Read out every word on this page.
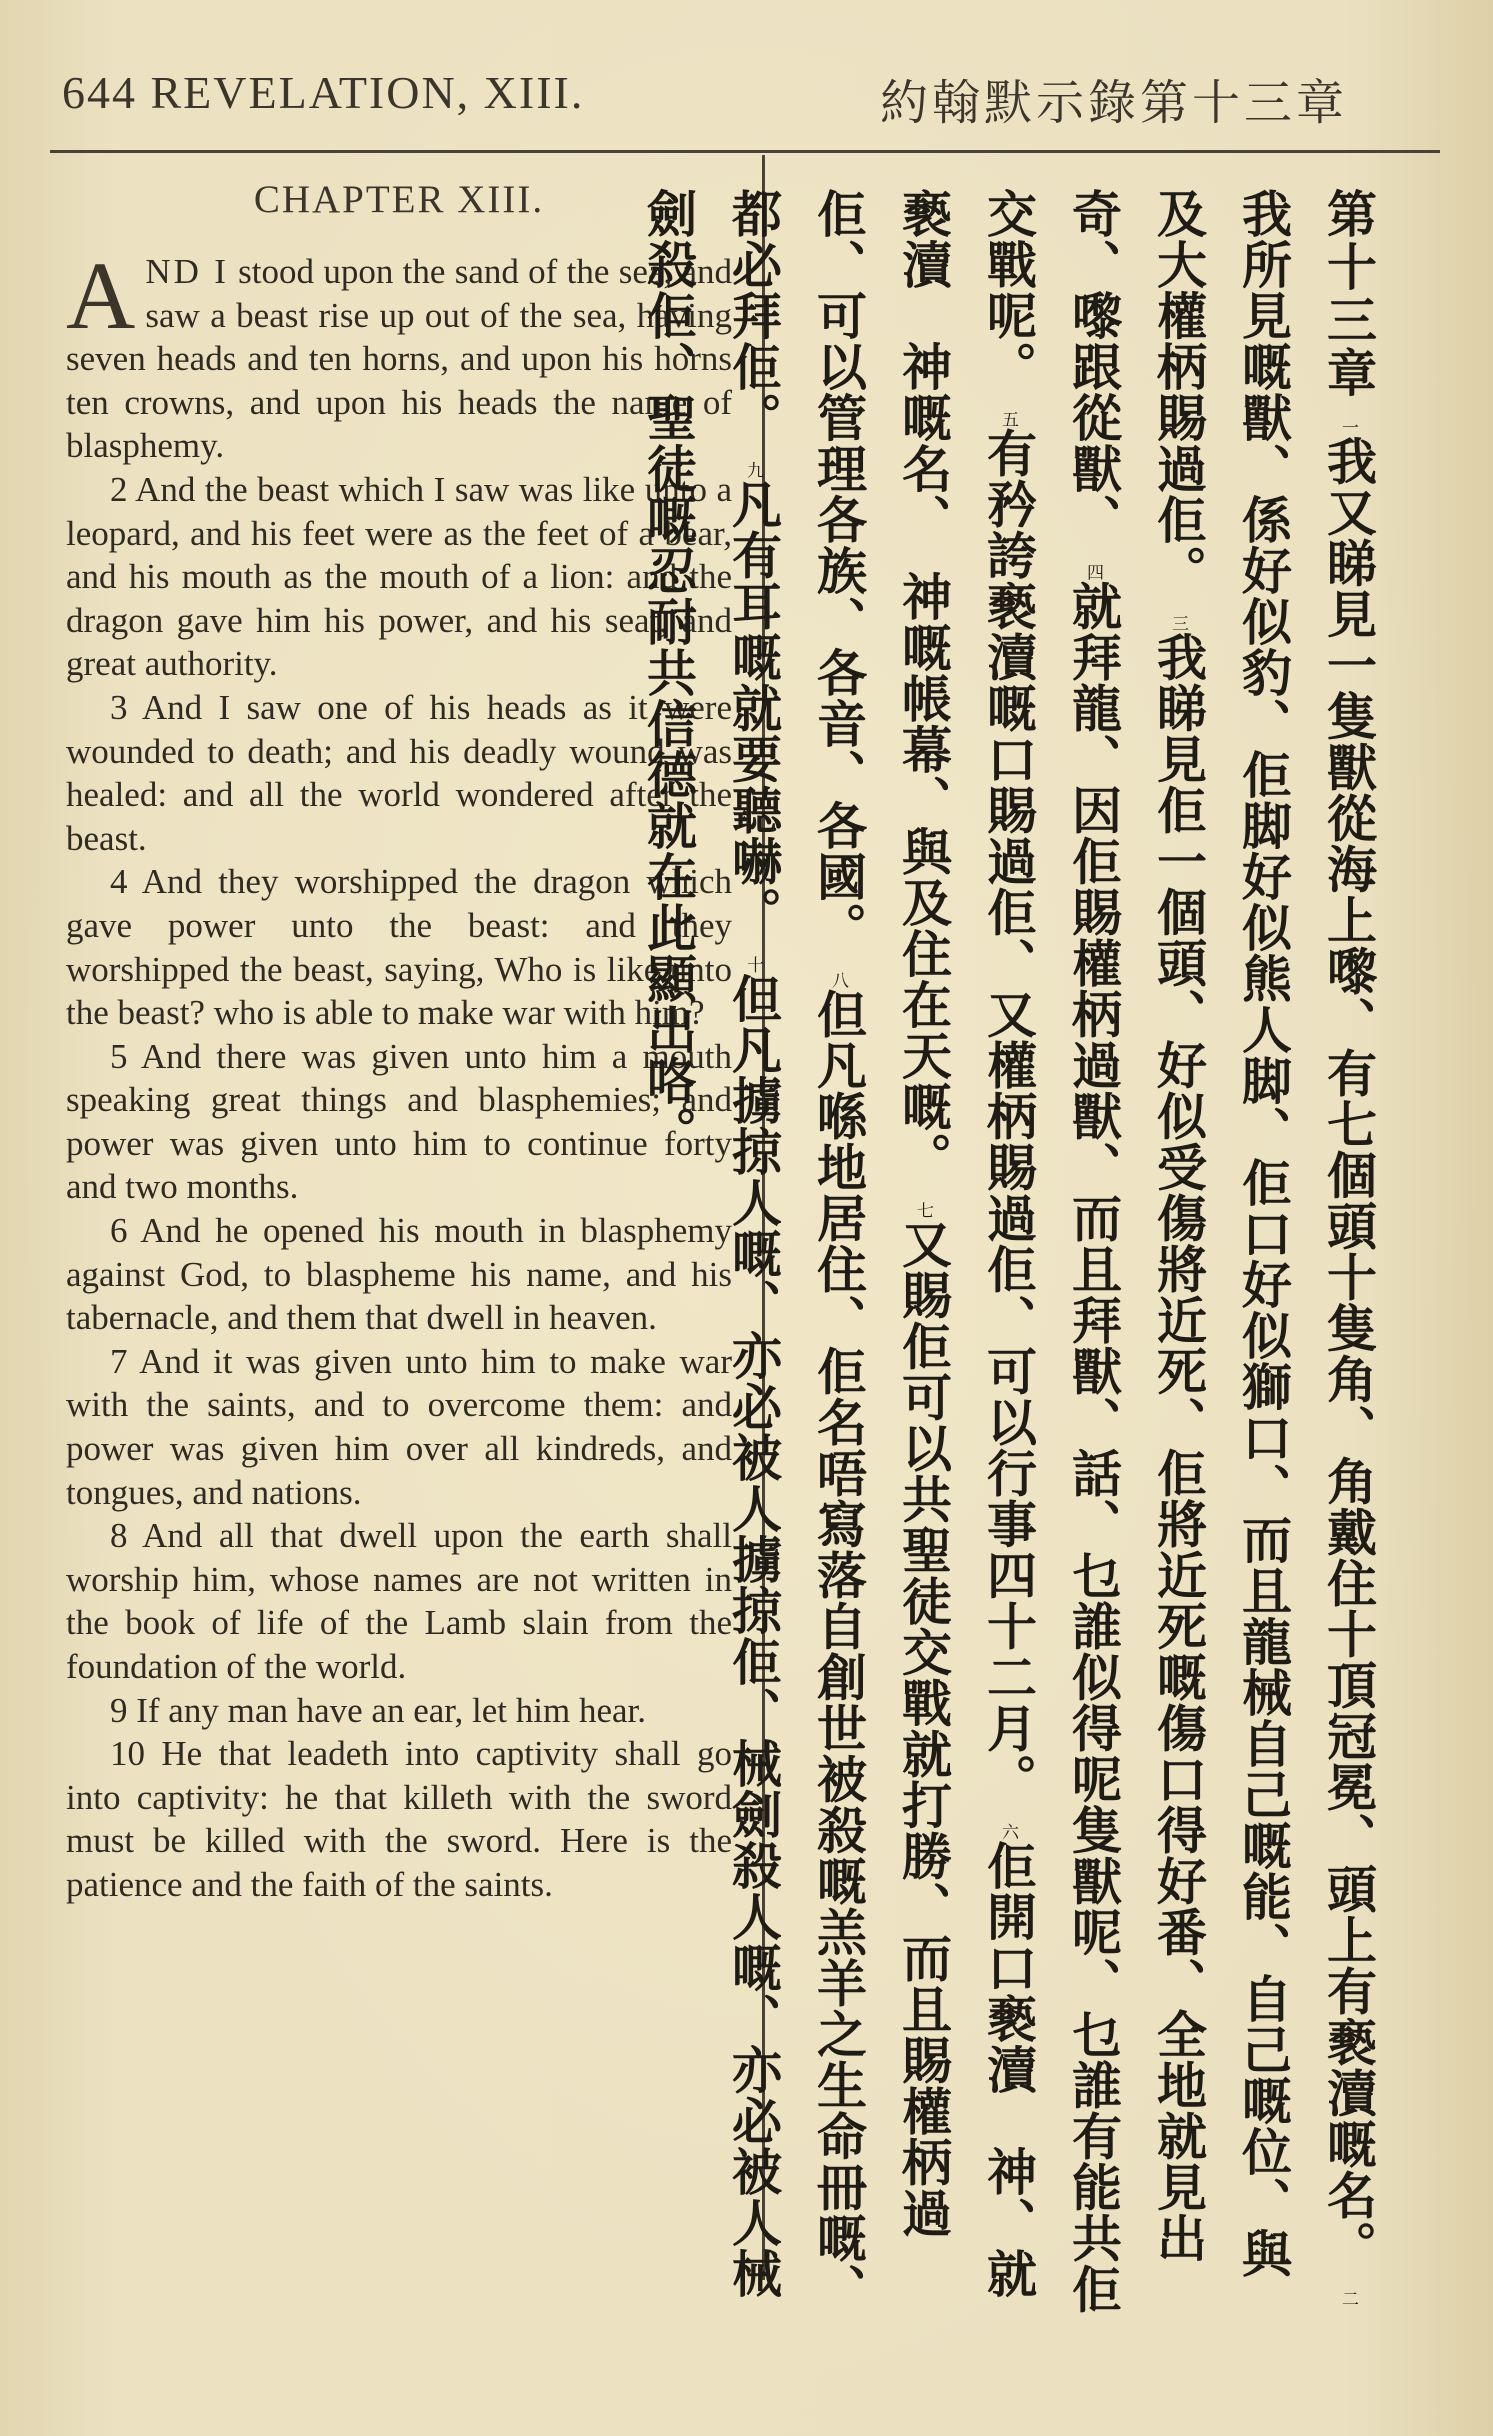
644 REVELATION, XIII.	約翰默示錄第十三章
CHAPTER XIII.

AND I stood upon the sand of the sea, and saw a beast rise up out of the sea, having seven heads and ten horns, and upon his horns ten crowns, and upon his heads the name of blasphemy.

2 And the beast which I saw was like unto a leopard, and his feet were as the feet of a bear, and his mouth as the mouth of a lion: and the dragon gave him his power, and his seat, and great authority.

3 And I saw one of his heads as it were wounded to death; and his deadly wound was healed: and all the world wondered after the beast.

4 And they worshipped the dragon which gave power unto the beast: and they worshipped the beast, saying, Who is like unto the beast? who is able to make war with him?

5 And there was given unto him a mouth speaking great things and blasphemies; and power was given unto him to continue forty and two months.

6 And he opened his mouth in blasphemy against God, to blaspheme his name, and his tabernacle, and them that dwell in heaven.

7 And it was given unto him to make war with the saints, and to overcome them: and power was given him over all kindreds, and tongues, and nations.

8 And all that dwell upon the earth shall worship him, whose names are not written in the book of life of the Lamb slain from the foundation of the world.

9 If any man have an ear, let him hear.

10 He that leadeth into captivity shall go into captivity: he that killeth with the sword must be killed with the sword. Here is the patience and the faith of the saints.

第十三章 一我又睇見一隻獸從海上嚟、有七個頭十隻角、角戴住十頂冠冕、頭上有褻瀆嘅名。 二我所見嘅獸、係好似豹、佢脚好似熊人脚、佢口好似獅口、而且龍械自己嘅能、自己嘅位、與及大權柄賜過佢。 三我睇見佢一個頭、好似受傷將近死、佢將近死嘅傷口得好番、全地就見出奇、嚟跟從獸、 四就拜龍、因佢賜權柄過獸、而且拜獸、話、乜誰似得呢隻獸呢、乜誰有能共佢交戰呢。 五有矜誇褻瀆嘅口賜過佢、又權柄賜過佢、可以行事四十二月。 六佢開口褻瀆　神、就褻瀆　神嘅名、　神嘅帳幕、與及住在天嘅。 七又賜佢可以共聖徒交戰就打勝、而且賜權柄過佢、可以管理各族、各音、各國。 八但凡喺地居住、佢名唔寫落自創世被殺嘅羔羊之生命冊嘅、都必拜佢。 九凡有耳嘅就要聽嚇。 十但凡擄掠人嘅、亦必被人擄掠佢、械劍殺人嘅、亦必被人械劍殺佢、聖徒嘅忍耐共信德就在此顯出咯。
